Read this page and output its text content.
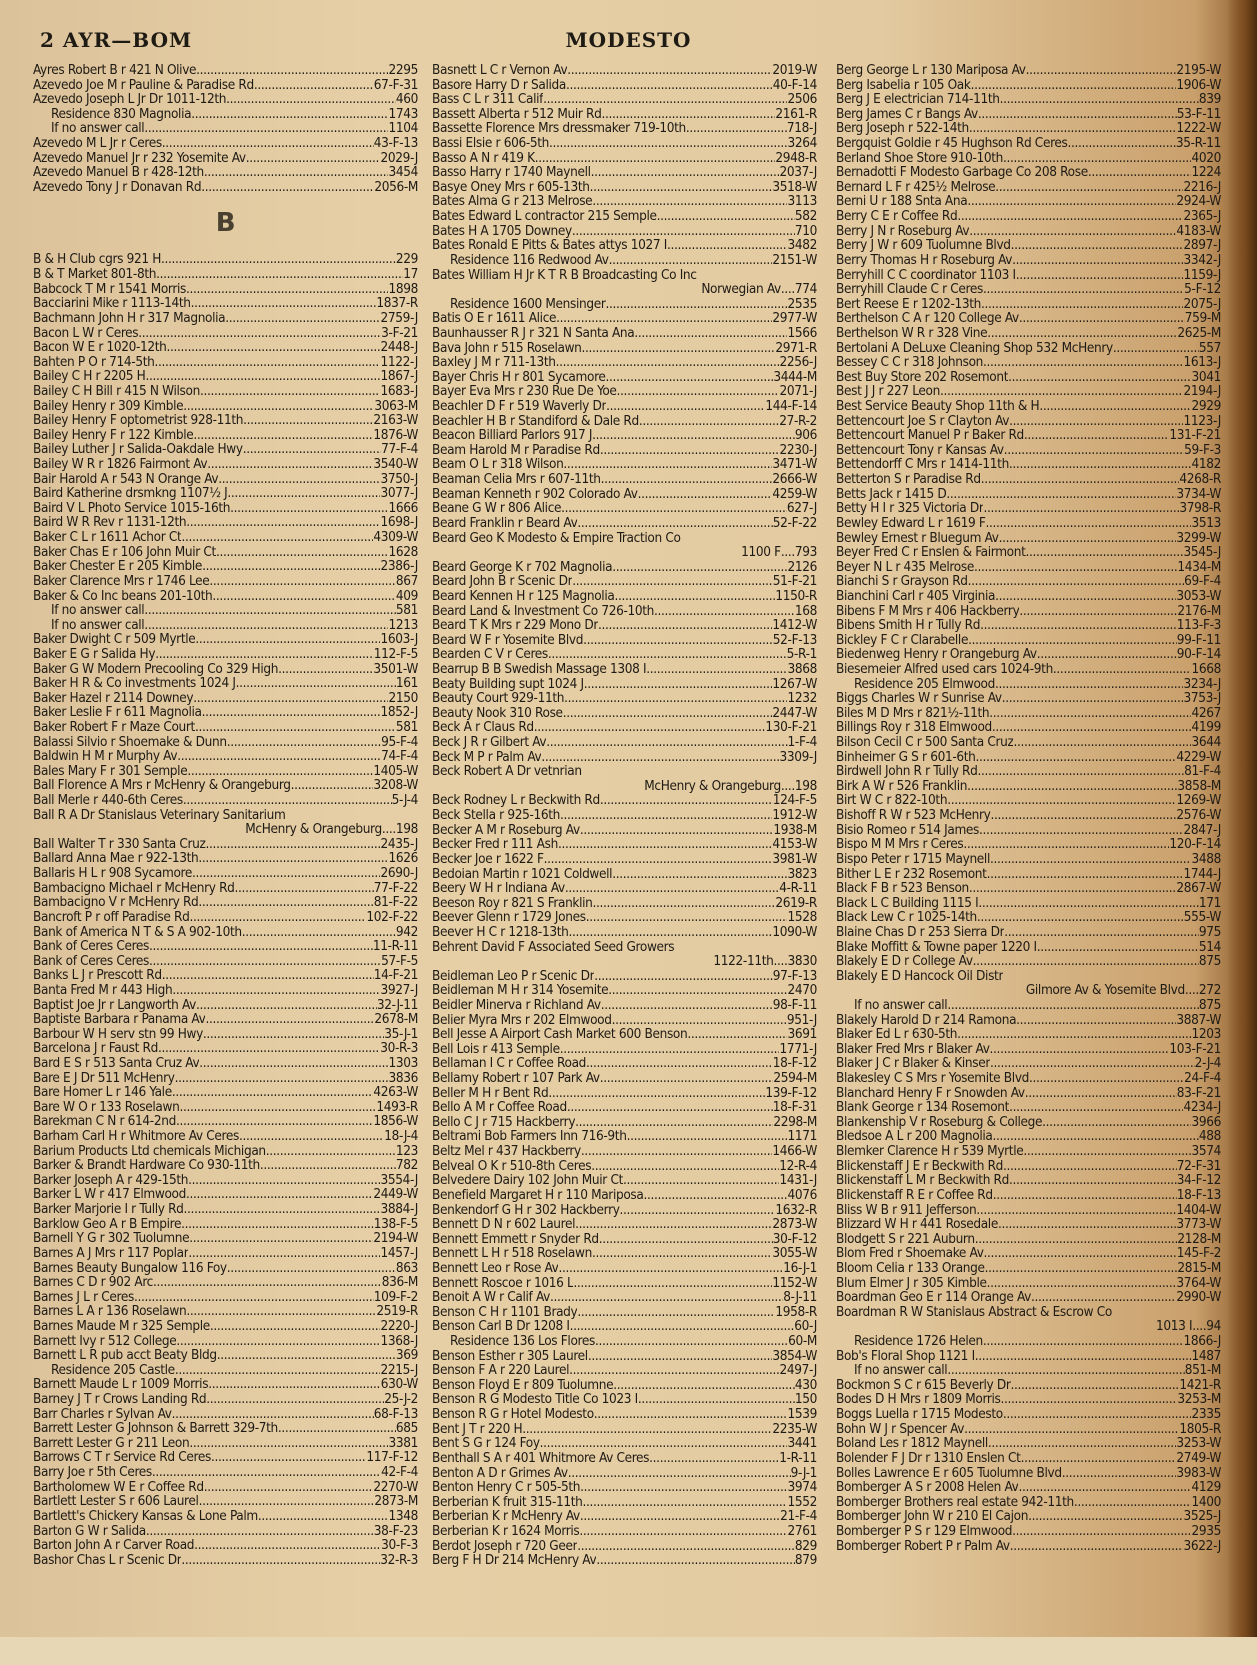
2 AYR—BOM	MODESTO
Ayres Robert B r 421 N Olive .....	2295
Azevedo Joe M r Pauline & Paradise Rd .....	67-F-31
Azevedo Joseph L Jr Dr 1011-12th .....	460
Residence 830 Magnolia .....	1743
If no answer call .....	1104
Azevedo M L Jr r Ceres .....	43-F-13
Azevedo Manuel Jr r 232 Yosemite Av .....	2029-J
Azevedo Manuel B r 428-12th .....	3454
Azevedo Tony J r Donavan Rd .....	2056-M
B
B & H Club cgrs 921 H .....	229
B & T Market 801-8th .....	17
Babcock T M r 1541 Morris .....	1898
Bacciarini Mike r 1113-14th .....	1837-R
Bachmann John H r 317 Magnolia .....	2759-J
Bacon L W r Ceres .....	3-F-21
Bacon W E r 1020-12th .....	2448-J
Bahten P O r 714-5th .....	1122-J
Bailey C H r 2205 H .....	1867-J
Bailey C H Bill r 415 N Wilson .....	1683-J
Bailey Henry r 309 Kimble .....	3063-M
Bailey Henry F optometrist 928-11th .....	2163-W
Bailey Henry F r 122 Kimble .....	1876-W
Bailey Luther J r Salida-Oakdale Hwy .....	77-F-4
Bailey W R r 1826 Fairmont Av .....	3540-W
Bair Harold A r 543 N Orange Av .....	3750-J
Baird Katherine drsmkng 1107½ J .....	3077-J
Baird V L Photo Service 1015-16th .....	1666
Baird W R Rev r 1131-12th .....	1698-J
Baker C L r 1611 Achor Ct .....	4309-W
Baker Chas E r 106 John Muir Ct .....	1628
Baker Chester E r 205 Kimble .....	2386-J
Baker Clarence Mrs r 1746 Lee .....	867
Baker & Co Inc beans 201-10th .....	409
If no answer call .....	581
If no answer call .....	1213
Baker Dwight C r 509 Myrtle .....	1603-J
Baker E G r Salida Hy .....	112-F-5
Baker G W Modern Precooling Co 329 High .....	3501-W
Baker H R & Co investments 1024 J .....	161
Baker Hazel r 2114 Downey .....	2150
Baker Leslie F r 611 Magnolia .....	1852-J
Baker Robert F r Maze Court .....	581
Balassi Silvio r Shoemake & Dunn .....	95-F-4
Baldwin H M r Murphy Av .....	74-F-4
Bales Mary F r 301 Semple .....	1405-W
Ball Florence A Mrs r McHenry & Orangeburg .....	3208-W
Ball Merle r 440-6th Ceres .....	5-J-4
Ball R A Dr Stanislaus Veterinary Sanitarium
McHenry & Orangeburg .... 198
Ball Walter T r 330 Santa Cruz .....	2435-J
Ballard Anna Mae r 922-13th .....	1626
Ballaris H L r 908 Sycamore .....	2690-J
Bambacigno Michael r McHenry Rd .....	77-F-22
Bambacigno V r McHenry Rd .....	81-F-22
Bancroft P r off Paradise Rd .....	102-F-22
Bank of America N T & S A 902-10th .....	942
Bank of Ceres Ceres .....	11-R-11
Bank of Ceres Ceres .....	57-F-5
Banks L J r Prescott Rd .....	14-F-21
Banta Fred M r 443 High .....	3927-J
Baptist Joe Jr r Langworth Av .....	32-J-11
Baptiste Barbara r Panama Av .....	2678-M
Barbour W H serv stn 99 Hwy .....	35-J-1
Barcelona J r Faust Rd .....	30-R-3
Bard E S r 513 Santa Cruz Av .....	1303
Bare E J Dr 511 McHenry .....	3836
Bare Homer L r 146 Yale .....	4263-W
Bare W O r 133 Roselawn .....	1493-R
Barekman C N r 614-2nd .....	1856-W
Barham Carl H r Whitmore Av Ceres .....	18-J-4
Barium Products Ltd chemicals Michigan .....	123
Barker & Brandt Hardware Co 930-11th .....	782
Barker Joseph A r 429-15th .....	3554-J
Barker L W r 417 Elmwood .....	2449-W
Barker Marjorie I r Tully Rd .....	3884-J
Barklow Geo A r B Empire .....	138-F-5
Barnell Y G r 302 Tuolumne .....	2194-W
Barnes A J Mrs r 117 Poplar .....	1457-J
Barnes Beauty Bungalow 116 Foy .....	863
Barnes C D r 902 Arc .....	836-M
Barnes J L r Ceres .....	109-F-2
Barnes L A r 136 Roselawn .....	2519-R
Barnes Maude M r 325 Semple .....	2220-J
Barnett Ivy r 512 College .....	1368-J
Barnett L R pub acct Beaty Bldg .....	369
Residence 205 Castle .....	2215-J
Barnett Maude L r 1009 Morris .....	630-W
Barney J T r Crows Landing Rd .....	25-J-2
Barr Charles r Sylvan Av .....	68-F-13
Barrett Lester G Johnson & Barrett 329-7th .....	685
Barrett Lester G r 211 Leon .....	3381
Barrows C T r Service Rd Ceres .....	117-F-12
Barry Joe r 5th Ceres .....	42-F-4
Bartholomew W E r Coffee Rd .....	2270-W
Bartlett Lester S r 606 Laurel .....	2873-M
Bartlett's Chickery Kansas & Lone Palm .....	1348
Barton G W r Salida .....	38-F-23
Barton John A r Carver Road .....	30-F-3
Bashor Chas L r Scenic Dr .....	32-R-3
Basnett L C r Vernon Av .....	2019-W
Basore Harry D r Salida .....	40-F-14
Bass C L r 311 Calif .....	2506
Bassett Alberta r 512 Muir Rd .....	2161-R
Bassette Florence Mrs dressmaker 719-10th .....	718-J
Bassi Elsie r 606-5th .....	3264
Basso A N r 419 K .....	2948-R
Basso Harry r 1740 Maynell .....	2037-J
Basye Oney Mrs r 605-13th .....	3518-W
Bates Alma G r 213 Melrose .....	3113
Bates Edward L contractor 215 Semple .....	582
Bates H A 1705 Downey .....	710
Bates Ronald E Pitts & Bates attys 1027 I .....	3482
Residence 116 Redwood Av .....	2151-W
Bates William H Jr K T R B Broadcasting Co Inc
Norwegian Av .... 774
Residence 1600 Mensinger .....	2535
Batis O E r 1611 Alice .....	2977-W
Baunhausser R J r 321 N Santa Ana .....	1566
Bava John r 515 Roselawn .....	2971-R
Baxley J M r 711-13th .....	2256-J
Bayer Chris H r 801 Sycamore .....	3444-M
Bayer Eva Mrs r 230 Rue De Yoe .....	2071-J
Beachler D F r 519 Waverly Dr .....	144-F-14
Beachler H B r Standiford & Dale Rd .....	27-R-2
Beacon Billiard Parlors 917 J .....	906
Beam Harold M r Paradise Rd .....	2230-J
Beam O L r 318 Wilson .....	3471-W
Beaman Celia Mrs r 607-11th .....	2666-W
Beaman Kenneth r 902 Colorado Av .....	4259-W
Beane G W r 806 Alice .....	627-J
Beard Franklin r Beard Av .....	52-F-22
Beard Geo K Modesto & Empire Traction Co
1100 F .... 793
Beard George K r 702 Magnolia .....	2126
Beard John B r Scenic Dr .....	51-F-21
Beard Kennen H r 125 Magnolia .....	1150-R
Beard Land & Investment Co 726-10th .....	168
Beard T K Mrs r 229 Mono Dr .....	1412-W
Beard W F r Yosemite Blvd .....	52-F-13
Bearden C V r Ceres .....	5-R-1
Bearrup B B Swedish Massage 1308 I .....	3868
Beaty Building supt 1024 J .....	1267-W
Beauty Court 929-11th .....	1232
Beauty Nook 310 Rose .....	2447-W
Beck A r Claus Rd .....	130-F-21
Beck J R r Gilbert Av .....	1-F-4
Beck M P r Palm Av .....	3309-J
Beck Robert A Dr vetnrian
McHenry & Orangeburg .... 198
Beck Rodney L r Beckwith Rd .....	124-F-5
Beck Stella r 925-16th .....	1912-W
Becker A M r Roseburg Av .....	1938-M
Becker Fred r 111 Ash .....	4153-W
Becker Joe r 1622 F .....	3981-W
Bedoian Martin r 1021 Coldwell .....	3823
Beery W H r Indiana Av .....	4-R-11
Beeson Roy r 821 S Franklin .....	2619-R
Beever Glenn r 1729 Jones .....	1528
Beever H C r 1218-13th .....	1090-W
Behrent David F Associated Seed Growers
1122-11th .... 3830
Beidleman Leo P r Scenic Dr .....	97-F-13
Beidleman M H r 314 Yosemite .....	2470
Beidler Minerva r Richland Av .....	98-F-11
Belier Myra Mrs r 202 Elmwood .....	951-J
Bell Jesse A Airport Cash Market 600 Benson .....	3691
Bell Lois r 413 Semple .....	1771-J
Bellaman I C r Coffee Road .....	18-F-12
Bellamy Robert r 107 Park Av .....	2594-M
Beller M H r Bent Rd .....	139-F-12
Bello A M r Coffee Road .....	18-F-31
Bello C J r 715 Hackberry .....	2298-M
Beltrami Bob Farmers Inn 716-9th .....	1171
Beltz Mel r 437 Hackberry .....	1466-W
Belveal O K r 510-8th Ceres .....	12-R-4
Belvedere Dairy 102 John Muir Ct .....	1431-J
Benefield Margaret H r 110 Mariposa .....	4076
Benkendorf G H r 302 Hackberry .....	1632-R
Bennett D N r 602 Laurel .....	2873-W
Bennett Emmett r Snyder Rd .....	30-F-12
Bennett L H r 518 Roselawn .....	3055-W
Bennett Leo r Rose Av .....	16-J-1
Bennett Roscoe r 1016 L .....	1152-W
Benoit A W r Calif Av .....	8-J-11
Benson C H r 1101 Brady .....	1958-R
Benson Carl B Dr 1208 I .....	60-J
Residence 136 Los Flores .....	60-M
Benson Esther r 305 Laurel .....	3854-W
Benson F A r 220 Laurel .....	2497-J
Benson Floyd E r 809 Tuolumne .....	430
Benson R G Modesto Title Co 1023 I .....	150
Benson R G r Hotel Modesto .....	1539
Bent J T r 220 H .....	2235-W
Bent S G r 124 Foy .....	3441
Benthall S A r 401 Whitmore Av Ceres .....	1-R-11
Benton A D r Grimes Av .....	9-J-1
Benton Henry C r 505-5th .....	3974
Berberian K fruit 315-11th .....	1552
Berberian K r McHenry Av .....	21-F-4
Berberian K r 1624 Morris .....	2761
Berdot Joseph r 720 Geer .....	829
Berg F H Dr 214 McHenry Av .....	879
Berg George L r 130 Mariposa Av .....	2195-W
Berg Isabelia r 105 Oak .....	1906-W
Berg J E electrician 714-11th .....	839
Berg James C r Bangs Av .....	53-F-11
Berg Joseph r 522-14th .....	1222-W
Bergquist Goldie r 45 Hughson Rd Ceres .....	35-R-11
Berland Shoe Store 910-10th .....	4020
Bernadotti F Modesto Garbage Co 208 Rose .....	1224
Bernard L F r 425½ Melrose .....	2216-J
Berni U r 188 Snta Ana .....	2924-W
Berry C E r Coffee Rd .....	2365-J
Berry J N r Roseburg Av .....	4183-W
Berry J W r 609 Tuolumne Blvd .....	2897-J
Berry Thomas H r Roseburg Av .....	3342-J
Berryhill C C coordinator 1103 I .....	1159-J
Berryhill Claude C r Ceres .....	5-F-12
Bert Reese E r 1202-13th .....	2075-J
Berthelson C A r 120 College Av .....	759-M
Berthelson W R r 328 Vine .....	2625-M
Bertolani A DeLuxe Cleaning Shop 532 McHenry .....	557
Bessey C C r 318 Johnson .....	1613-J
Best Buy Store 202 Rosemont .....	3041
Best J J r 227 Leon .....	2194-J
Best Service Beauty Shop 11th & H .....	2929
Bettencourt Joe S r Clayton Av .....	1123-J
Bettencourt Manuel P r Baker Rd .....	131-F-21
Bettencourt Tony r Kansas Av .....	59-F-3
Bettendorff C Mrs r 1414-11th .....	4182
Betterton S r Paradise Rd .....	4268-R
Betts Jack r 1415 D .....	3734-W
Betty H I r 325 Victoria Dr .....	3798-R
Bewley Edward L r 1619 F .....	3513
Bewley Ernest r Bluegum Av .....	3299-W
Beyer Fred C r Enslen & Fairmont .....	3545-J
Beyer N L r 435 Melrose .....	1434-M
Bianchi S r Grayson Rd .....	69-F-4
Bianchini Carl r 405 Virginia .....	3053-W
Bibens F M Mrs r 406 Hackberry .....	2176-M
Bibens Smith H r Tully Rd .....	113-F-3
Bickley F C r Clarabelle .....	99-F-11
Biedenweg Henry r Orangeburg Av .....	90-F-14
Biesemeier Alfred used cars 1024-9th .....	1668
Residence 205 Elmwood .....	3234-J
Biggs Charles W r Sunrise Av .....	3753-J
Biles M D Mrs r 821½-11th .....	4267
Billings Roy r 318 Elmwood .....	4199
Bilson Cecil C r 500 Santa Cruz .....	3644
Binheimer G S r 601-6th .....	4229-W
Birdwell John R r Tully Rd .....	81-F-4
Birk A W r 526 Franklin .....	3858-M
Birt W C r 822-10th .....	1269-W
Bishoff R W r 523 McHenry .....	2576-W
Bisio Romeo r 514 James .....	2847-J
Bispo M M Mrs r Ceres .....	120-F-14
Bispo Peter r 1715 Maynell .....	3488
Bither L E r 232 Rosemont .....	1744-J
Black F B r 523 Benson .....	2867-W
Black L C Building 1115 I .....	171
Black Lew C r 1025-14th .....	555-W
Blaine Chas D r 253 Sierra Dr .....	975
Blake Moffitt & Towne paper 1220 I .....	514
Blakely E D r College Av .....	875
Blakely E D Hancock Oil Distr
Gilmore Av & Yosemite Blvd .... 272
If no answer call .....	875
Blakely Harold D r 214 Ramona .....	3887-W
Blaker Ed L r 630-5th .....	1203
Blaker Fred Mrs r Blaker Av .....	103-F-21
Blaker J C r Blaker & Kinser .....	2-J-4
Blakesley C S Mrs r Yosemite Blvd .....	24-F-4
Blanchard Henry F r Snowden Av .....	83-F-21
Blank George r 134 Rosemont .....	4234-J
Blankenship V r Roseburg & College .....	3966
Bledsoe A L r 200 Magnolia .....	488
Blemker Clarence H r 539 Myrtle .....	3574
Blickenstaff J E r Beckwith Rd .....	72-F-31
Blickenstaff L M r Beckwith Rd .....	34-F-12
Blickenstaff R E r Coffee Rd .....	18-F-13
Bliss W B r 911 Jefferson .....	1404-W
Blizzard W H r 441 Rosedale .....	3773-W
Blodgett S r 221 Auburn .....	2128-M
Blom Fred r Shoemake Av .....	145-F-2
Bloom Celia r 133 Orange .....	2815-M
Blum Elmer J r 305 Kimble .....	3764-W
Boardman Geo E r 114 Orange Av .....	2990-W
Boardman R W Stanislaus Abstract & Escrow Co
1013 I .... 94
Residence 1726 Helen .....	1866-J
Bob's Floral Shop 1121 I .....	1487
If no answer call .....	851-M
Bockmon S C r 615 Beverly Dr .....	1421-R
Bodes D H Mrs r 1809 Morris .....	3253-M
Boggs Luella r 1715 Modesto .....	2335
Bohn W J r Spencer Av .....	1805-R
Boland Les r 1812 Maynell .....	3253-W
Bolender F J Dr r 1310 Enslen Ct .....	2749-W
Bolles Lawrence E r 605 Tuolumne Blvd .....	3983-W
Bomberger A S r 2008 Helen Av .....	4129
Bomberger Brothers real estate 942-11th .....	1400
Bomberger John W r 210 El Cajon .....	3525-J
Bomberger P S r 129 Elmwood .....	2935
Bomberger Robert P r Palm Av .....	3622-J
